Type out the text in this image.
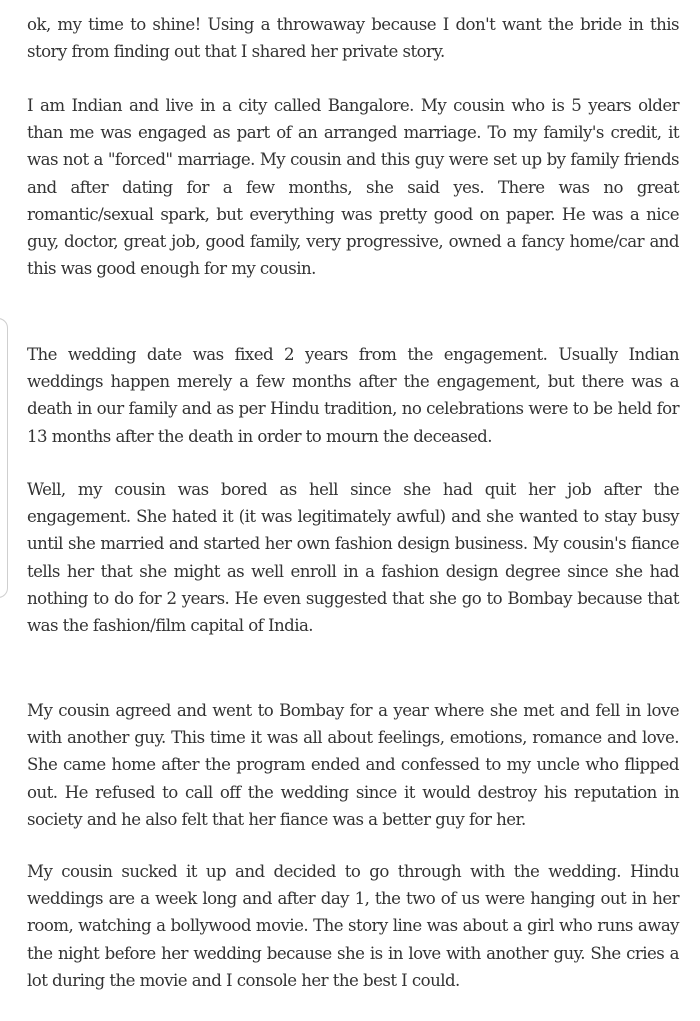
ok, my time to shine! Using a throwaway because I don't want the bride in this story from finding out that I shared her private story.

I am Indian and live in a city called Bangalore. My cousin who is 5 years older than me was engaged as part of an arranged marriage. To my family's credit, it was not a "forced" marriage. My cousin and this guy were set up by family friends and after dating for a few months, she said yes. There was no great romantic/sexual spark, but everything was pretty good on paper. He was a nice guy, doctor, great job, good family, very progressive, owned a fancy home/car and this was good enough for my cousin.

The wedding date was fixed 2 years from the engagement. Usually Indian weddings happen merely a few months after the engagement, but there was a death in our family and as per Hindu tradition, no celebrations were to be held for 13 months after the death in order to mourn the deceased.

Well, my cousin was bored as hell since she had quit her job after the engagement. She hated it (it was legitimately awful) and she wanted to stay busy until she married and started her own fashion design business. My cousin's fiance tells her that she might as well enroll in a fashion design degree since she had nothing to do for 2 years. He even suggested that she go to Bombay because that was the fashion/film capital of India.

My cousin agreed and went to Bombay for a year where she met and fell in love with another guy. This time it was all about feelings, emotions, romance and love. She came home after the program ended and confessed to my uncle who flipped out. He refused to call off the wedding since it would destroy his reputation in society and he also felt that her fiance was a better guy for her.

My cousin sucked it up and decided to go through with the wedding. Hindu weddings are a week long and after day 1, the two of us were hanging out in her room, watching a bollywood movie. The story line was about a girl who runs away the night before her wedding because she is in love with another guy. She cries a lot during the movie and I console her the best I could.
